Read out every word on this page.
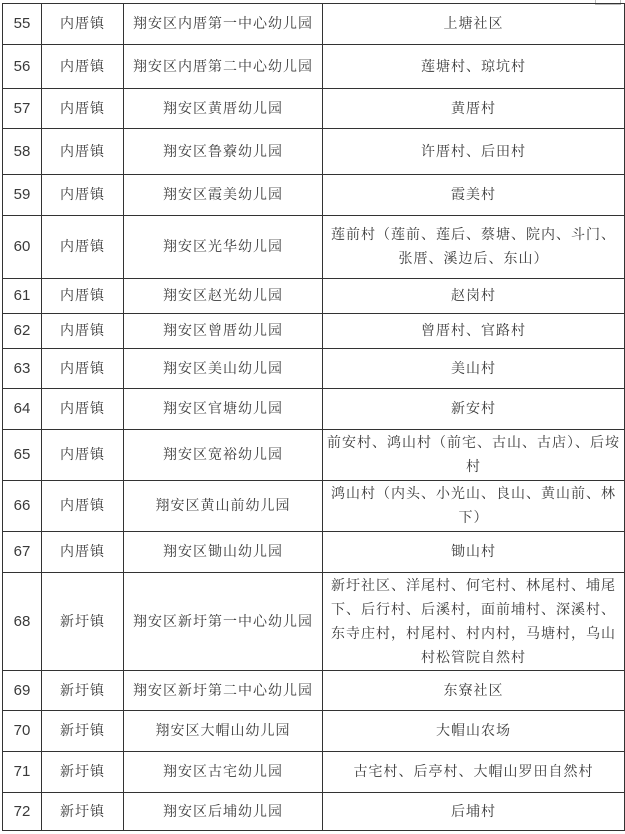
55	内厝镇	翔安区内厝第一中心幼儿园	上塘社区
56	内厝镇	翔安区内厝第二中心幼儿园	莲塘村、琼坑村
57	内厝镇	翔安区黄厝幼儿园	黄厝村
58	内厝镇	翔安区鲁藔幼儿园	许厝村、后田村
59	内厝镇	翔安区霞美幼儿园	霞美村
60	内厝镇	翔安区光华幼儿园	莲前村（莲前、莲后、蔡塘、院内、斗门、张厝、溪边后、东山）
61	内厝镇	翔安区赵光幼儿园	赵岗村
62	内厝镇	翔安区曾厝幼儿园	曾厝村、官路村
63	内厝镇	翔安区美山幼儿园	美山村
64	内厝镇	翔安区官塘幼儿园	新安村
65	内厝镇	翔安区宽裕幼儿园	前安村、鸿山村（前宅、古山、古店）、后垵村
66	内厝镇	翔安区黄山前幼儿园	鸿山村（内头、小光山、良山、黄山前、林下）
67	内厝镇	翔安区锄山幼儿园	锄山村
68	新圩镇	翔安区新圩第一中心幼儿园	新圩社区、洋尾村、何宅村、林尾村、埔尾下、后行村、后溪村，面前埔村、深溪村、东寺庄村，村尾村、村内村，马塘村，乌山村松管院自然村
69	新圩镇	翔安区新圩第二中心幼儿园	东寮社区
70	新圩镇	翔安区大帽山幼儿园	大帽山农场
71	新圩镇	翔安区古宅幼儿园	古宅村、后亭村、大帽山罗田自然村
72	新圩镇	翔安区后埔幼儿园	后埔村
